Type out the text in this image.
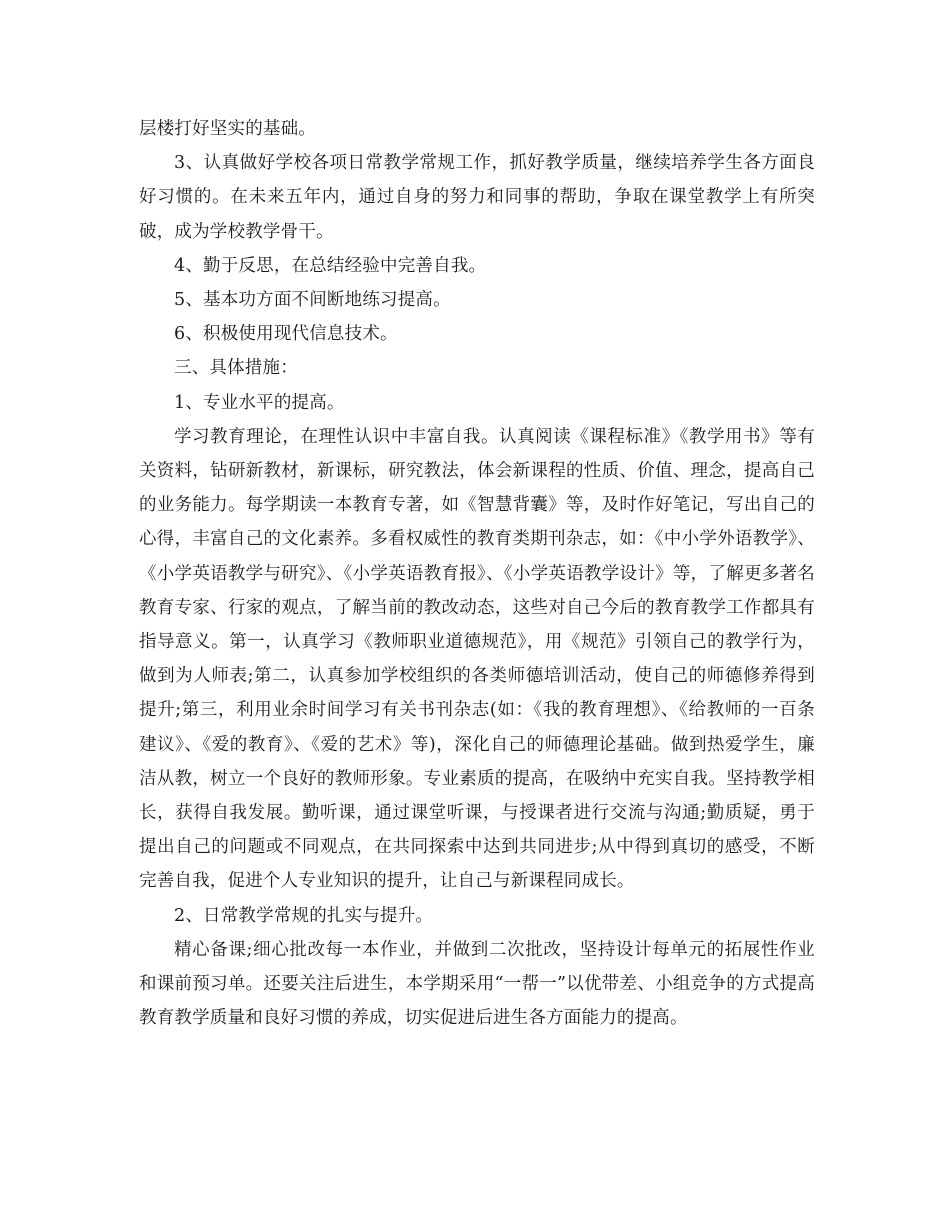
层楼打好坚实的基础。

3、认真做好学校各项日常教学常规工作，抓好教学质量，继续培养学生各方面良好习惯的。在未来五年内，通过自身的努力和同事的帮助，争取在课堂教学上有所突破，成为学校教学骨干。

4、勤于反思，在总结经验中完善自我。

5、基本功方面不间断地练习提高。

6、积极使用现代信息技术。

三、具体措施：

1、专业水平的提高。

学习教育理论，在理性认识中丰富自我。认真阅读《课程标准》《教学用书》等有关资料，钻研新教材，新课标，研究教法，体会新课程的性质、价值、理念，提高自己的业务能力。每学期读一本教育专著，如《智慧背囊》等，及时作好笔记，写出自己的心得，丰富自己的文化素养。多看权威性的教育类期刊杂志，如：《中小学外语教学》、《小学英语教学与研究》、《小学英语教育报》、《小学英语教学设计》等，了解更多著名教育专家、行家的观点，了解当前的教改动态，这些对自己今后的教育教学工作都具有指导意义。第一，认真学习《教师职业道德规范》，用《规范》引领自己的教学行为，做到为人师表;第二，认真参加学校组织的各类师德培训活动，使自己的师德修养得到提升;第三，利用业余时间学习有关书刊杂志(如：《我的教育理想》、《给教师的一百条建议》、《爱的教育》、《爱的艺术》等)，深化自己的师德理论基础。做到热爱学生，廉洁从教，树立一个良好的教师形象。专业素质的提高，在吸纳中充实自我。坚持教学相长，获得自我发展。勤听课，通过课堂听课，与授课者进行交流与沟通;勤质疑，勇于提出自己的问题或不同观点，在共同探索中达到共同进步;从中得到真切的感受，不断完善自我，促进个人专业知识的提升，让自己与新课程同成长。

2、日常教学常规的扎实与提升。

精心备课;细心批改每一本作业，并做到二次批改，坚持设计每单元的拓展性作业和课前预习单。还要关注后进生，本学期采用“一帮一”以优带差、小组竞争的方式提高教育教学质量和良好习惯的养成，切实促进后进生各方面能力的提高。
